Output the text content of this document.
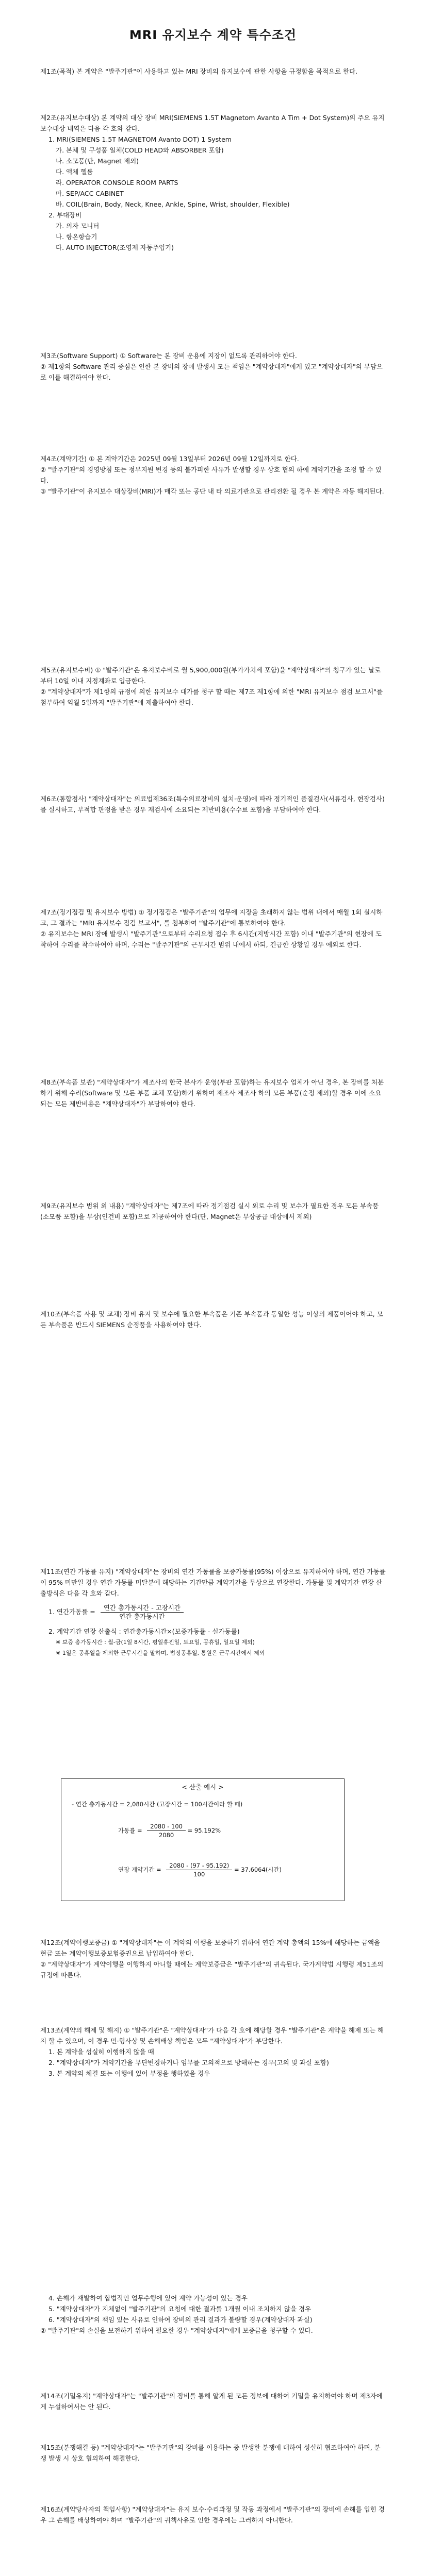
MRI 유지보수 계약 특수조건

제1조(목적) 본 계약은 "발주기관"이 사용하고 있는 MRI 장비의 유지보수에 관한 사항을 규정함을 목적으로 한다.

제2조(유지보수대상) 본 계약의 대상 장비 MRI(SIEMENS 1.5T Magnetom Avanto A Tim + Dot System)의 주요 유지보수대상 내역은 다음 각 호와 같다.

1. MRI(SIEMENS 1.5T MAGNETOM Avanto DOT) 1 System

가. 본체 및 구성품 일체(COLD HEAD와 ABSORBER 포함)

나. 소모품(단, Magnet 제외)

다. 액체 헬륨

라. OPERATOR CONSOLE ROOM PARTS

마. SEP/ACC CABINET

바. COIL(Brain, Body, Neck, Knee, Ankle, Spine, Wrist, shoulder, Flexible)

2. 부대장비

가. 의자 모니터

나. 항온항습기

다. AUTO INJECTOR(조영제 자동주입기)

제3조(Software Support) ① Software는 본 장비 운용에 지장이 없도록 관리하여야 한다.

② 제1항의 Software 관리 중심은 인한 본 장비의 장애 발생시 모든 책임은 "계약상대자"에게 있고 "계약상대자"의 부담으로 이를 해결하여야 한다.

제4조(계약기간) ① 본 계약기간은 2025년 09월 13일부터 2026년 09월 12일까지로 한다.

② "발주기관"의 경영방침 또는 정부지원 변경 등의 불가피한 사유가 발생할 경우 상호 협의 하에 계약기간을 조정 할 수 있다.

③ "발주기관"이 유지보수 대상장비(MRI)가 매각 또는 공단 내 타 의료기관으로 관리전환 될 경우 본 계약은 자동 해지된다.

제5조(유지보수비) ① "발주기관"은 유지보수비로 월 5,900,000원(부가가치세 포함)을 "계약상대자"의 청구가 있는 날로부터 10일 이내 지정계좌로 입금한다.

② "계약상대자"가 제1항의 규정에 의한 유지보수 대가를 청구 할 때는 제7조 제1항에 의한 "MRI 유지보수 점검 보고서"를 첨부하여 익월 5일까지 "발주기관"에 제출하여야 한다.

제6조(통합점사) "계약상대자"는 의료법제36조(특수의료장비의 설치·운영)에 따라 정기적인 품질검사(서류검사, 현장검사)를 실시하고, 부적합 판정을 받은 경우 재검사에 소요되는 제반비용(수수료 포함)을 부담하여야 한다.

제7조(정기점검 및 유지보수 방법) ① 정기점검은 "발주기관"의 업무에 지장을 초래하지 않는 범위 내에서 매월 1회 실시하고, 그 결과는 "MRI 유지보수 점검 보고서", 를 첨부하여 "발주기관"에 통보하여야 한다.

② 유지보수는 MRI 장애 발생시 "발주기관"으로부터 수리요청 접수 후 6시간(지방시간 포함) 이내 "발주기관"의 현장에 도착하여 수리를 착수하여야 하며, 수리는 "발주기관"의 근무시간 범위 내에서 하되, 긴급한 상황일 경우 예외로 한다.

제8조(부속품 보관) "계약상대자"가 제조사의 한국 본사가 운영(부판 포함)하는 유지보수 업체가 아닌 경우, 본 장비를 처분하기 위해 수리(Software 및 모든 부품 교체 포함)하기 위하여 제조사 제조사 하의 모든 부품(순정 제외)할 경우 이에 소요되는 모든 제반비용은 "계약상대자"가 부담하여야 한다.

제9조(유지보수 범위 외 내용) "계약상대자"는 제7조에 따라 정기점검 실시 외로 수리 및 보수가 필요한 경우 모든 부속품(소모품 포함)을 무상(인건비 포함)으로 제공하여야 한다(단, Magnet은 무상공급 대상에서 제외)

제10조(부속품 사용 및 교체) 장비 유지 및 보수에 필요한 부속품은 기존 부속품과 동일한 성능 이상의 제품이어야 하고, 모든 부속품은 반드시 SIEMENS 순정품을 사용하여야 한다.

제11조(연간 가동률 유지) "계약상대자"는 장비의 연간 가동률을 보증가동률(95%) 이상으로 유지하여야 하며, 연간 가동률이 95% 미만일 경우 연간 가동률 미달분에 해당하는 기간만큼 계약기간을 무상으로 연장한다. 가동률 및 계약기간 연장 산출방식은 다음 각 호와 같다.

1. 연간가동률 = $\frac{\text{연간 총가동시간 - 고장시간}}{\text{연간 총가동시간}}$

2. 계약기간 연장 산출식 : 연간총가동시간×(보증가동률 - 실가동률)

※ 보증 총가동시간 : 월-금(1일 8시간, 평일휴진일, 토요일, 공휴일, 일요일 제외)

※ 1일은 공휴일을 제외한 근무시간을 말하며, 법정공휴일, 통원은 근무시간에서 제외

< 산출 예시 >
- 연간 총가동시간 = 2,080시간 (고장시간 = 100시간이라 할 때)
가동률 = $\frac{2080 - 100}{2080} = 95.192\%$
연장 계약기간 = $\frac{2080 - (97 - 95.192)}{100} = 37.6064$(시간)

제12조(계약이행보증금) ① "계약상대자"는 이 계약의 이행을 보증하기 위하여 연간 계약 총액의 15%에 해당하는 금액을 현금 또는 계약이행보증보험증권으로 납입하여야 한다.

② "계약상대자"가 계약이행을 이행하지 아니할 때에는 계약보증금은 "발주기관"의 귀속된다. 국가계약법 시행령 제51조의 규정에 따른다.

제13조(계약의 해제 및 해지) ① "발주기관"은 "계약상대자"가 다음 각 호에 해당할 경우 "발주기관"은 계약을 해제 또는 해지 할 수 있으며, 이 경우 민·형사상 및 손해배상 책임은 모두 "계약상대자"가 부담한다.

1. 본 계약을 성실히 이행하지 않을 때

2. "계약상대자"가 계약기간을 무단변경하거나 임무를 고의적으로 방해하는 경우(고의 및 과실 포함)

3. 본 계약의 체결 또는 이행에 있어 부정을 행하였을 경우

4. 손해가 재발하여 합법적인 업무수행에 있어 계약 가능성이 있는 경우

5. "계약상대자"가 지체없이 "발주기관"의 요청에 대한 결과를 1개월 이내 조치하지 않을 경우

6. "계약상대자"의 책임 있는 사유로 인하여 장비의 관리 결과가 불량할 경우(계약상대자 과실)

② "발주기관"의 손실을 보전하기 위하여 필요한 경우 "계약상대자"에게 보증금을 청구할 수 있다.

제14조(기밀유지) "계약상대자"는 "발주기관"의 장비를 통해 알게 된 모든 정보에 대하여 기밀을 유지하여야 하며 제3자에게 누설하여서는 안 된다.

제15조(분쟁해결 등) "계약상대자"는 "발주기관"의 장비를 이용하는 중 발생한 분쟁에 대하여 성실히 협조하여야 하며, 분쟁 발생 시 상호 협의하여 해결한다.

제16조(계약당사자의 책임사항) "계약상대자"는 유지 보수·수리과정 및 작동 과정에서 "발주기관"의 장비에 손해를 입힌 경우 그 손해를 배상하여야 하며 "발주기관"의 귀책사유로 인한 경우에는 그러하지 아니한다.
